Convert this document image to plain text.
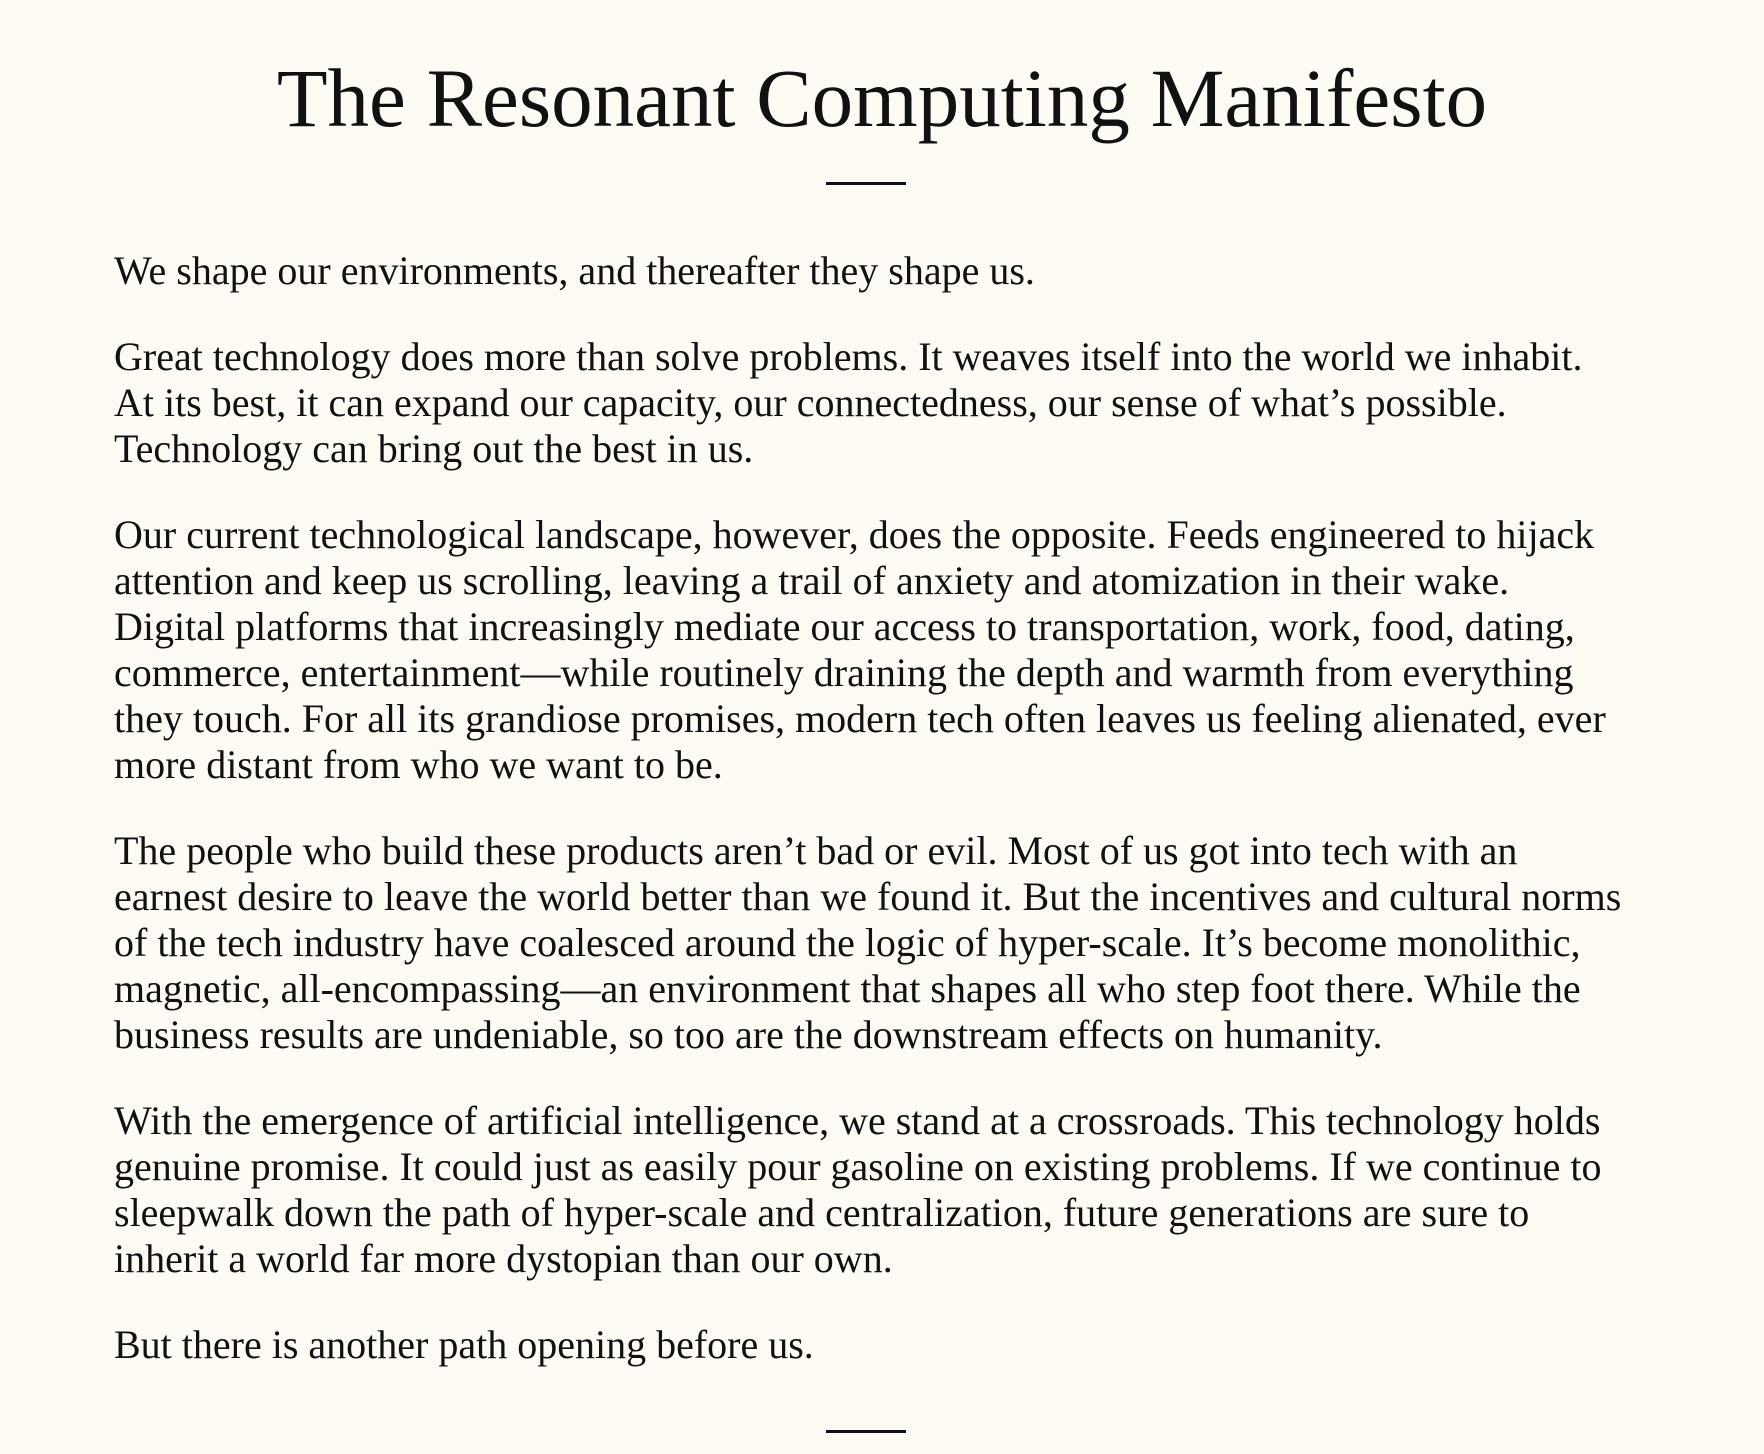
The Resonant Computing Manifesto

We shape our environments, and thereafter they shape us.

Great technology does more than solve problems. It weaves itself into the world we inhabit. At its best, it can expand our capacity, our connectedness, our sense of what’s possible. Technology can bring out the best in us.

Our current technological landscape, however, does the opposite. Feeds engineered to hijack attention and keep us scrolling, leaving a trail of anxiety and atomization in their wake. Digital platforms that increasingly mediate our access to transportation, work, food, dating, commerce, entertainment—while routinely draining the depth and warmth from everything they touch. For all its grandiose promises, modern tech often leaves us feeling alienated, ever more distant from who we want to be.

The people who build these products aren’t bad or evil. Most of us got into tech with an earnest desire to leave the world better than we found it. But the incentives and cultural norms of the tech industry have coalesced around the logic of hyper-scale. It’s become monolithic, magnetic, all-encompassing—an environment that shapes all who step foot there. While the business results are undeniable, so too are the downstream effects on humanity.

With the emergence of artificial intelligence, we stand at a crossroads. This technology holds genuine promise. It could just as easily pour gasoline on existing problems. If we continue to sleepwalk down the path of hyper-scale and centralization, future generations are sure to inherit a world far more dystopian than our own.

But there is another path opening before us.
